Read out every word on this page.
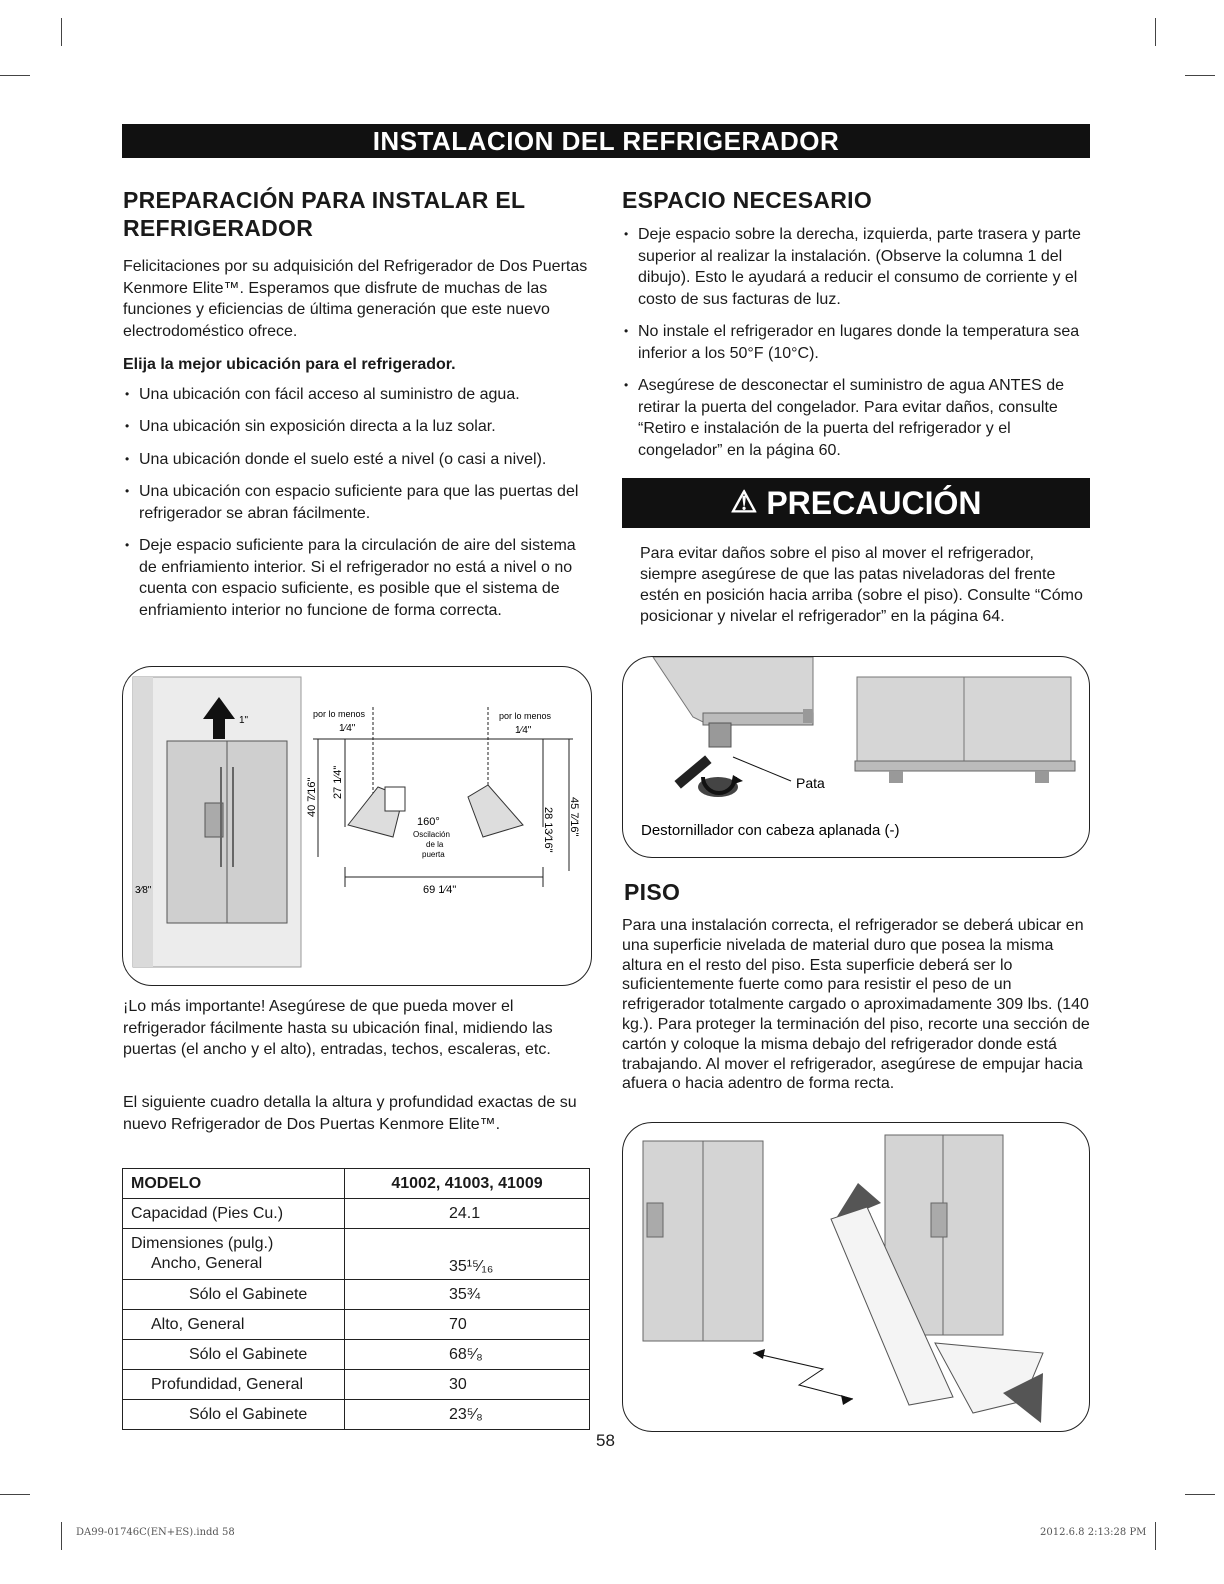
INSTALACION DEL REFRIGERADOR
PREPARACIÓN PARA INSTALAR EL REFRIGERADOR

Felicitaciones por su adquisición del Refrigerador de Dos Puertas Kenmore Elite™. Esperamos que disfrute de muchas de las funciones y eficiencias de última generación que este nuevo electrodoméstico ofrece.

Elija la mejor ubicación para el refrigerador.

• Una ubicación con fácil acceso al suministro de agua.
• Una ubicación sin exposición directa a la luz solar.
• Una ubicación donde el suelo esté a nivel (o casi a nivel).
• Una ubicación con espacio suficiente para que las puertas del refrigerador se abran fácilmente.
• Deje espacio suficiente para la circulación de aire del sistema de enfriamiento interior. Si el refrigerador no está a nivel o no cuenta con espacio suficiente, es posible que el sistema de enfriamiento interior no funcione de forma correcta.
1"
3⁄8"
por lo menos	por lo menos
1⁄4"	1⁄4"
40 7⁄16" 27 1⁄4"
28 13⁄16" 45 7⁄16"
160°
Oscilación
de la
puerta
69 1⁄4"

¡Lo más importante! Asegúrese de que pueda mover el refrigerador fácilmente hasta su ubicación final, midiendo las puertas (el ancho y el alto), entradas, techos, escaleras, etc.

El siguiente cuadro detalla la altura y profundidad exactas de su nuevo Refrigerador de Dos Puertas Kenmore Elite™.

MODELO	41002, 41003, 41009
Capacidad (Pies Cu.)	24.1

Dimensiones (pulg.)
Ancho, General	35¹⁵⁄₁₆

Sólo el Gabinete	35¾
Alto, General	70
Sólo el Gabinete	68⁵⁄₈
Profundidad, General	30
Sólo el Gabinete	23⁵⁄₈
ESPACIO NECESARIO
• Deje espacio sobre la derecha, izquierda, parte trasera y parte superior al realizar la instalación. (Observe la columna 1 del dibujo). Esto le ayudará a reducir el consumo de corriente y el costo de sus facturas de luz.
• No instale el refrigerador en lugares donde la temperatura sea inferior a los 50°F (10°C).
• Asegúrese de desconectar el suministro de agua ANTES de retirar la puerta del congelador. Para evitar daños, consulte “Retiro e instalación de la puerta del refrigerador y el congelador” en la página 60.
⚠ PRECAUCIÓN
Para evitar daños sobre el piso al mover el refrigerador, siempre asegúrese de que las patas niveladoras del frente estén en posición hacia arriba (sobre el piso). Consulte “Cómo posicionar y nivelar el refrigerador” en la página 64.
Pata
Destornillador con cabeza aplanada (-)
PISO

Para una instalación correcta, el refrigerador se deberá ubicar en una superficie nivelada de material duro que posea la misma altura en el resto del piso. Esta superficie deberá ser lo suficientemente fuerte como para resistir el peso de un refrigerador totalmente cargado o aproximadamente 309 lbs. (140 kg.). Para proteger la terminación del piso, recorte una sección de cartón y coloque la misma debajo del refrigerador donde está trabajando. Al mover el refrigerador, asegúrese de empujar hacia afuera o hacia adentro de forma recta.

58
DA99-01746C(EN+ES).indd 58	2012.6.8 2:13:28 PM
